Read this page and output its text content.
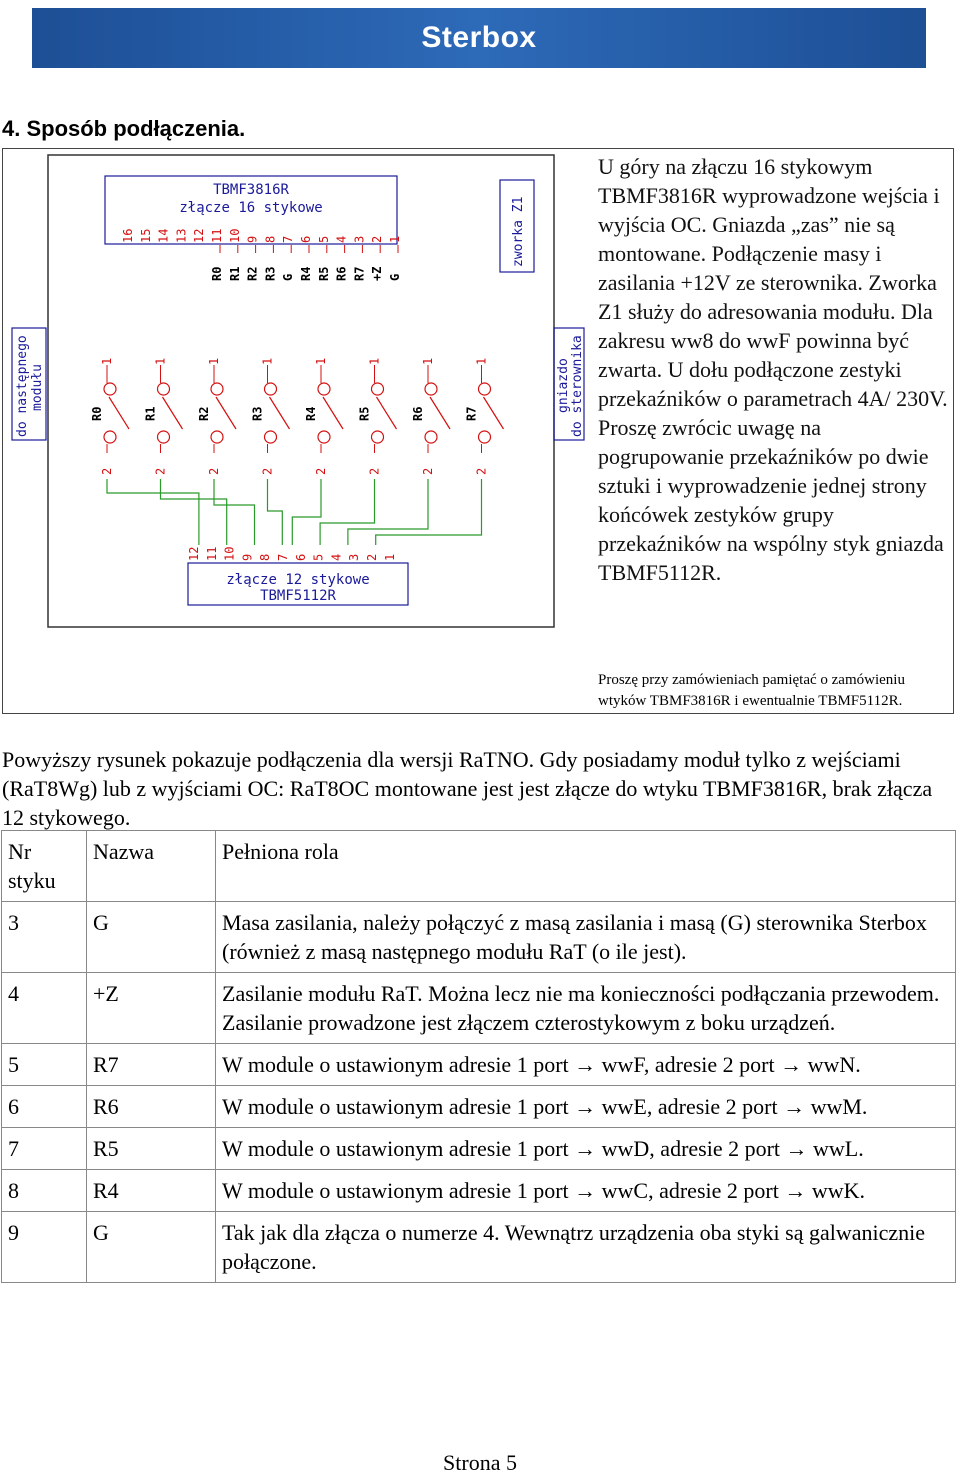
Sterbox
4. Sposób podłączenia.
TBMF3816R
złącze 16 stykowe
16 15 14 13 12 11 10 9 8 7 6 5 4 3 2 1
R0 R1 R2 R3 G R4 R5 R6 R7 +Z G
zworka Z1
do następnego modułu	gniazdo do sterownika
1
R0
2
1
R1
2
1
R2
2
1
R3
2
1
R4
2
1
R5
2
1
R6
2
1
R7
2
12 11 10 9 8 7 6 5 4 3 2 1
złącze 12 stykowe
TBMF5112R
U góry na złączu 16 stykowym TBMF3816R wyprowadzone wejścia i wyjścia OC. Gniazda „zas” nie są montowane. Podłączenie masy i zasilania +12V ze sterownika. Zworka Z1 służy do adresowania modułu. Dla zakresu ww8 do wwF powinna być zwarta. U dołu podłączone zestyki przekaźników o parametrach 4A/ 230V. Proszę zwrócic uwagę na pogrupowanie przekaźników po dwie sztuki i wyprowadzenie jednej strony końcówek zestyków grupy przekaźników na wspólny styk gniazda TBMF5112R.
Proszę przy zamówieniach pamiętać o zamówieniu wtyków TBMF3816R i ewentualnie TBMF5112R.
Powyższy rysunek pokazuje podłączenia dla wersji RaTNO. Gdy posiadamy moduł tylko z wejściami (RaT8Wg) lub z wyjściami OC: RaT8OC montowane jest jest złącze do wtyku TBMF3816R, brak złącza 12 stykowego.
Nr styku	Nazwa	Pełniona rola
3	G	Masa zasilania, należy połączyć z masą zasilania i masą (G) sterownika Sterbox (również z masą następnego modułu RaT (o ile jest).
4	+Z	Zasilanie modułu RaT. Można lecz nie ma konieczności podłączania przewodem. Zasilanie prowadzone jest złączem czterostykowym z boku urządzeń.
5	R7	W module o ustawionym adresie 1 port → wwF, adresie 2 port → wwN.
6	R6	W module o ustawionym adresie 1 port → wwE, adresie 2 port → wwM.
7	R5	W module o ustawionym adresie 1 port → wwD, adresie 2 port → wwL.
8	R4	W module o ustawionym adresie 1 port → wwC, adresie 2 port → wwK.
9	G	Tak jak dla złącza o numerze 4. Wewnątrz urządzenia oba styki są galwanicznie połączone.
Strona 5
